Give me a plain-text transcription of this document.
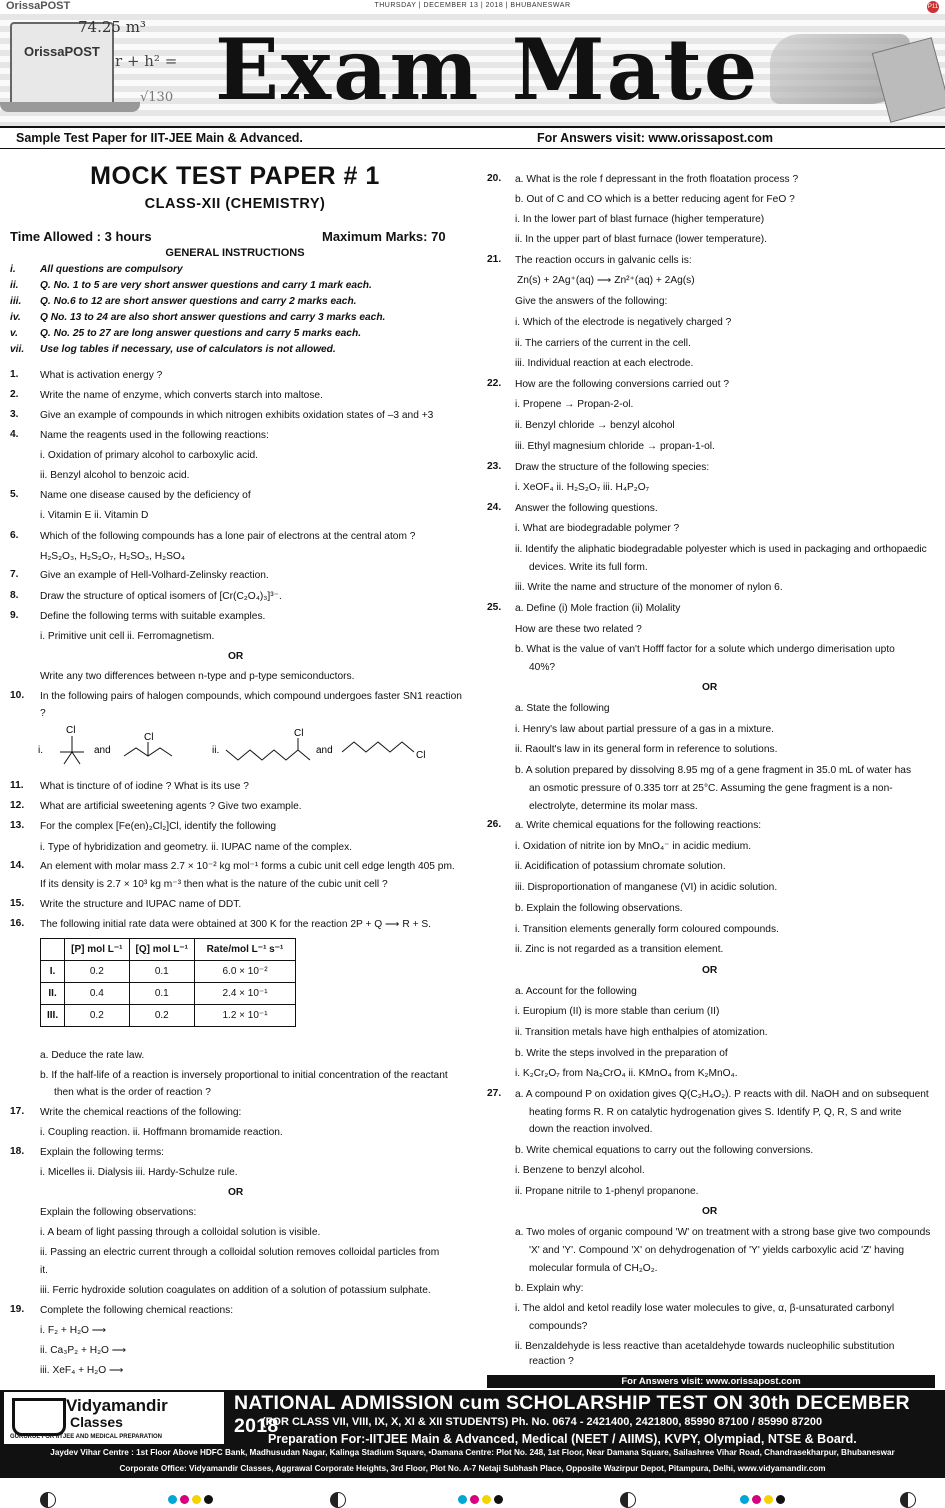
OrissaPOST	THURSDAY | DECEMBER 13 | 2018 | BHUBANESWAR	P11
OrissaPOST
74.25 m³
r + h² =
√130 Exam Mate
Sample Test Paper for IIT-JEE Main & Advanced.	For Answers visit: www.orissapost.com
MOCK TEST PAPER # 1
CLASS-XII (CHEMISTRY)
Time Allowed : 3 hours	Maximum Marks: 70
GENERAL INSTRUCTIONS
i. All questions are compulsory
ii. Q. No. 1 to 5 are very short answer questions and carry 1 mark each.
iii. Q. No.6 to 12 are short answer questions and carry 2 marks each.
iv. Q No. 13 to 24 are also short answer questions and carry 3 marks each.
v. Q. No. 25 to 27 are long answer questions and carry 5 marks each.
vii. Use log tables if necessary, use of calculators is not allowed.
1. What is activation energy ?
2. Write the name of enzyme, which converts starch into maltose.
3. Give an example of compounds in which nitrogen exhibits oxidation states of –3 and +3
4. Name the reagents used in the following reactions:
i. Oxidation of primary alcohol to carboxylic acid.
ii. Benzyl alcohol to benzoic acid.
5. Name one disease caused by the deficiency of
i. Vitamin E ii. Vitamin D
6. Which of the following compounds has a lone pair of electrons at the central atom ?
H₂S₂O₃, H₂S₂O₇, H₂SO₃, H₂SO₄
7. Give an example of Hell-Volhard-Zelinsky reaction.
8. Draw the structure of optical isomers of [Cr(C₂O₄)₃]³⁻.
9. Define the following terms with suitable examples.
i. Primitive unit cell ii. Ferromagnetism.
OR
Write any two differences between n-type and p-type semiconductors.
10. In the following pairs of halogen compounds, which compound undergoes faster SN1 reaction
?
11. What is tincture of of iodine ? What is its use ?
12. What are artificial sweetening agents ? Give two example.
13. For the complex [Fe(en)₂Cl₂]Cl, identify the following
i. Type of hybridization and geometry. ii. IUPAC name of the complex.
14. An element with molar mass 2.7 × 10⁻² kg mol⁻¹ forms a cubic unit cell edge length 405 pm.
If its density is 2.7 × 10³ kg m⁻³ then what is the nature of the cubic unit cell ?
15. Write the structure and IUPAC name of DDT.
16. The following initial rate data were obtained at 300 K for the reaction 2P + Q ⟶ R + S.
a. Deduce the rate law.
b. If the half-life of a reaction is inversely proportional to initial concentration of the reactant
then what is the order of reaction ?
17. Write the chemical reactions of the following:
i. Coupling reaction. ii. Hoffmann bromamide reaction.
18. Explain the following terms:
i. Micelles ii. Dialysis iii. Hardy-Schulze rule.
OR
Explain the following observations:
i. A beam of light passing through a colloidal solution is visible.
ii. Passing an electric current through a colloidal solution removes colloidal particles from
it.
iii. Ferric hydroxide solution coagulates on addition of a solution of potassium sulphate.
19. Complete the following chemical reactions:
i. F₂ + H₂O ⟶
ii. Ca₃P₂ + H₂O ⟶
iii. XeF₄ + H₂O ⟶
20. a. What is the role f depressant in the froth floatation process ?
b. Out of C and CO which is a better reducing agent for FeO ?
i. In the lower part of blast furnace (higher temperature)
ii. In the upper part of blast furnace (lower temperature).
21. The reaction occurs in galvanic cells is:
Zn(s) + 2Ag⁺(aq) ⟶ Zn²⁺(aq) + 2Ag(s)
Give the answers of the following:
i. Which of the electrode is negatively charged ?
ii. The carriers of the current in the cell.
iii. Individual reaction at each electrode.
22. How are the following conversions carried out ?
i. Propene → Propan-2-ol.
ii. Benzyl chloride → benzyl alcohol
iii. Ethyl magnesium chloride → propan-1-ol.
23. Draw the structure of the following species:
i. XeOF₄ ii. H₂S₂O₇ iii. H₄P₂O₇
24. Answer the following questions.
i. What are biodegradable polymer ?
ii. Identify the aliphatic biodegradable polyester which is used in packaging and orthopaedic
devices. Write its full form.
iii. Write the name and structure of the monomer of nylon 6.
25. a. Define (i) Mole fraction (ii) Molality
How are these two related ?
b. What is the value of van't Hofff factor for a solute which undergo dimerisation upto
40%?
OR
a. State the following
i. Henry's law about partial pressure of a gas in a mixture.
ii. Raoult's law in its general form in reference to solutions.
b. A solution prepared by dissolving 8.95 mg of a gene fragment in 35.0 mL of water has
an osmotic pressure of 0.335 torr at 25°C. Assuming the gene fragment is a non-
electrolyte, determine its molar mass.
26. a. Write chemical equations for the following reactions:
i. Oxidation of nitrite ion by MnO₄⁻ in acidic medium.
ii. Acidification of potassium chromate solution.
iii. Disproportionation of manganese (VI) in acidic solution.
b. Explain the following observations.
i. Transition elements generally form coloured compounds.
ii. Zinc is not regarded as a transition element.
OR
a. Account for the following
i. Europium (II) is more stable than cerium (II)
ii. Transition metals have high enthalpies of atomization.
b. Write the steps involved in the preparation of
i. K₂Cr₂O₇ from Na₂CrO₄ ii. KMnO₄ from K₂MnO₄.
27. a. A compound P on oxidation gives Q(C₂H₄O₂). P reacts with dil. NaOH and on subsequent
heating forms R. R on catalytic hydrogenation gives S. Identify P, Q, R, S and write
down the reaction involved.
b. Write chemical equations to carry out the following conversions.
i. Benzene to benzyl alcohol.
ii. Propane nitrile to 1-phenyl propanone.
OR
a. Two moles of organic compound 'W' on treatment with a strong base give two compounds
'X' and 'Y'. Compound 'X' on dehydrogenation of 'Y' yields carboxylic acid 'Z' having
molecular formula of CH₂O₂.
b. Explain why:
i. The aldol and ketol readily lose water molecules to give, α, β-unsaturated carbonyl
compounds?
ii. Benzaldehyde is less reactive than acetaldehyde towards nucleophilic substitution
reaction ?
i.
Cl
and
Cl
ii.
Cl
and	Cl
	[P] mol L⁻¹	[Q] mol L⁻¹	Rate/mol L⁻¹ s⁻¹
I.	0.2	0.1	6.0 × 10⁻²
II.	0.4	0.1	2.4 × 10⁻¹
III.	0.2	0.2	1.2 × 10⁻¹
For Answers visit: www.orissapost.com
Vidyamandir
Classes
GURUKUL FOR IITJEE AND MEDICAL PREPARATION
NATIONAL ADMISSION cum SCHOLARSHIP TEST ON 30th DECEMBER 2018
(FOR CLASS VII, VIII, IX, X, XI & XII STUDENTS) Ph. No. 0674 - 2421400, 2421800, 85990 87100 / 85990 87200
Preparation For:-IITJEE Main & Advanced, Medical (NEET / AIIMS), KVPY, Olympiad, NTSE & Board.
Jaydev Vihar Centre : 1st Floor Above HDFC Bank, Madhusudan Nagar, Kalinga Stadium Square, •Damana Centre: Plot No. 248, 1st Floor, Near Damana Square, Sailashree Vihar Road, Chandrasekharpur, Bhubaneswar
Corporate Office: Vidyamandir Classes, Aggrawal Corporate Heights, 3rd Floor, Plot No. A-7 Netaji Subhash Place, Opposite Wazirpur Depot, Pitampura, Delhi, www.vidyamandir.com
